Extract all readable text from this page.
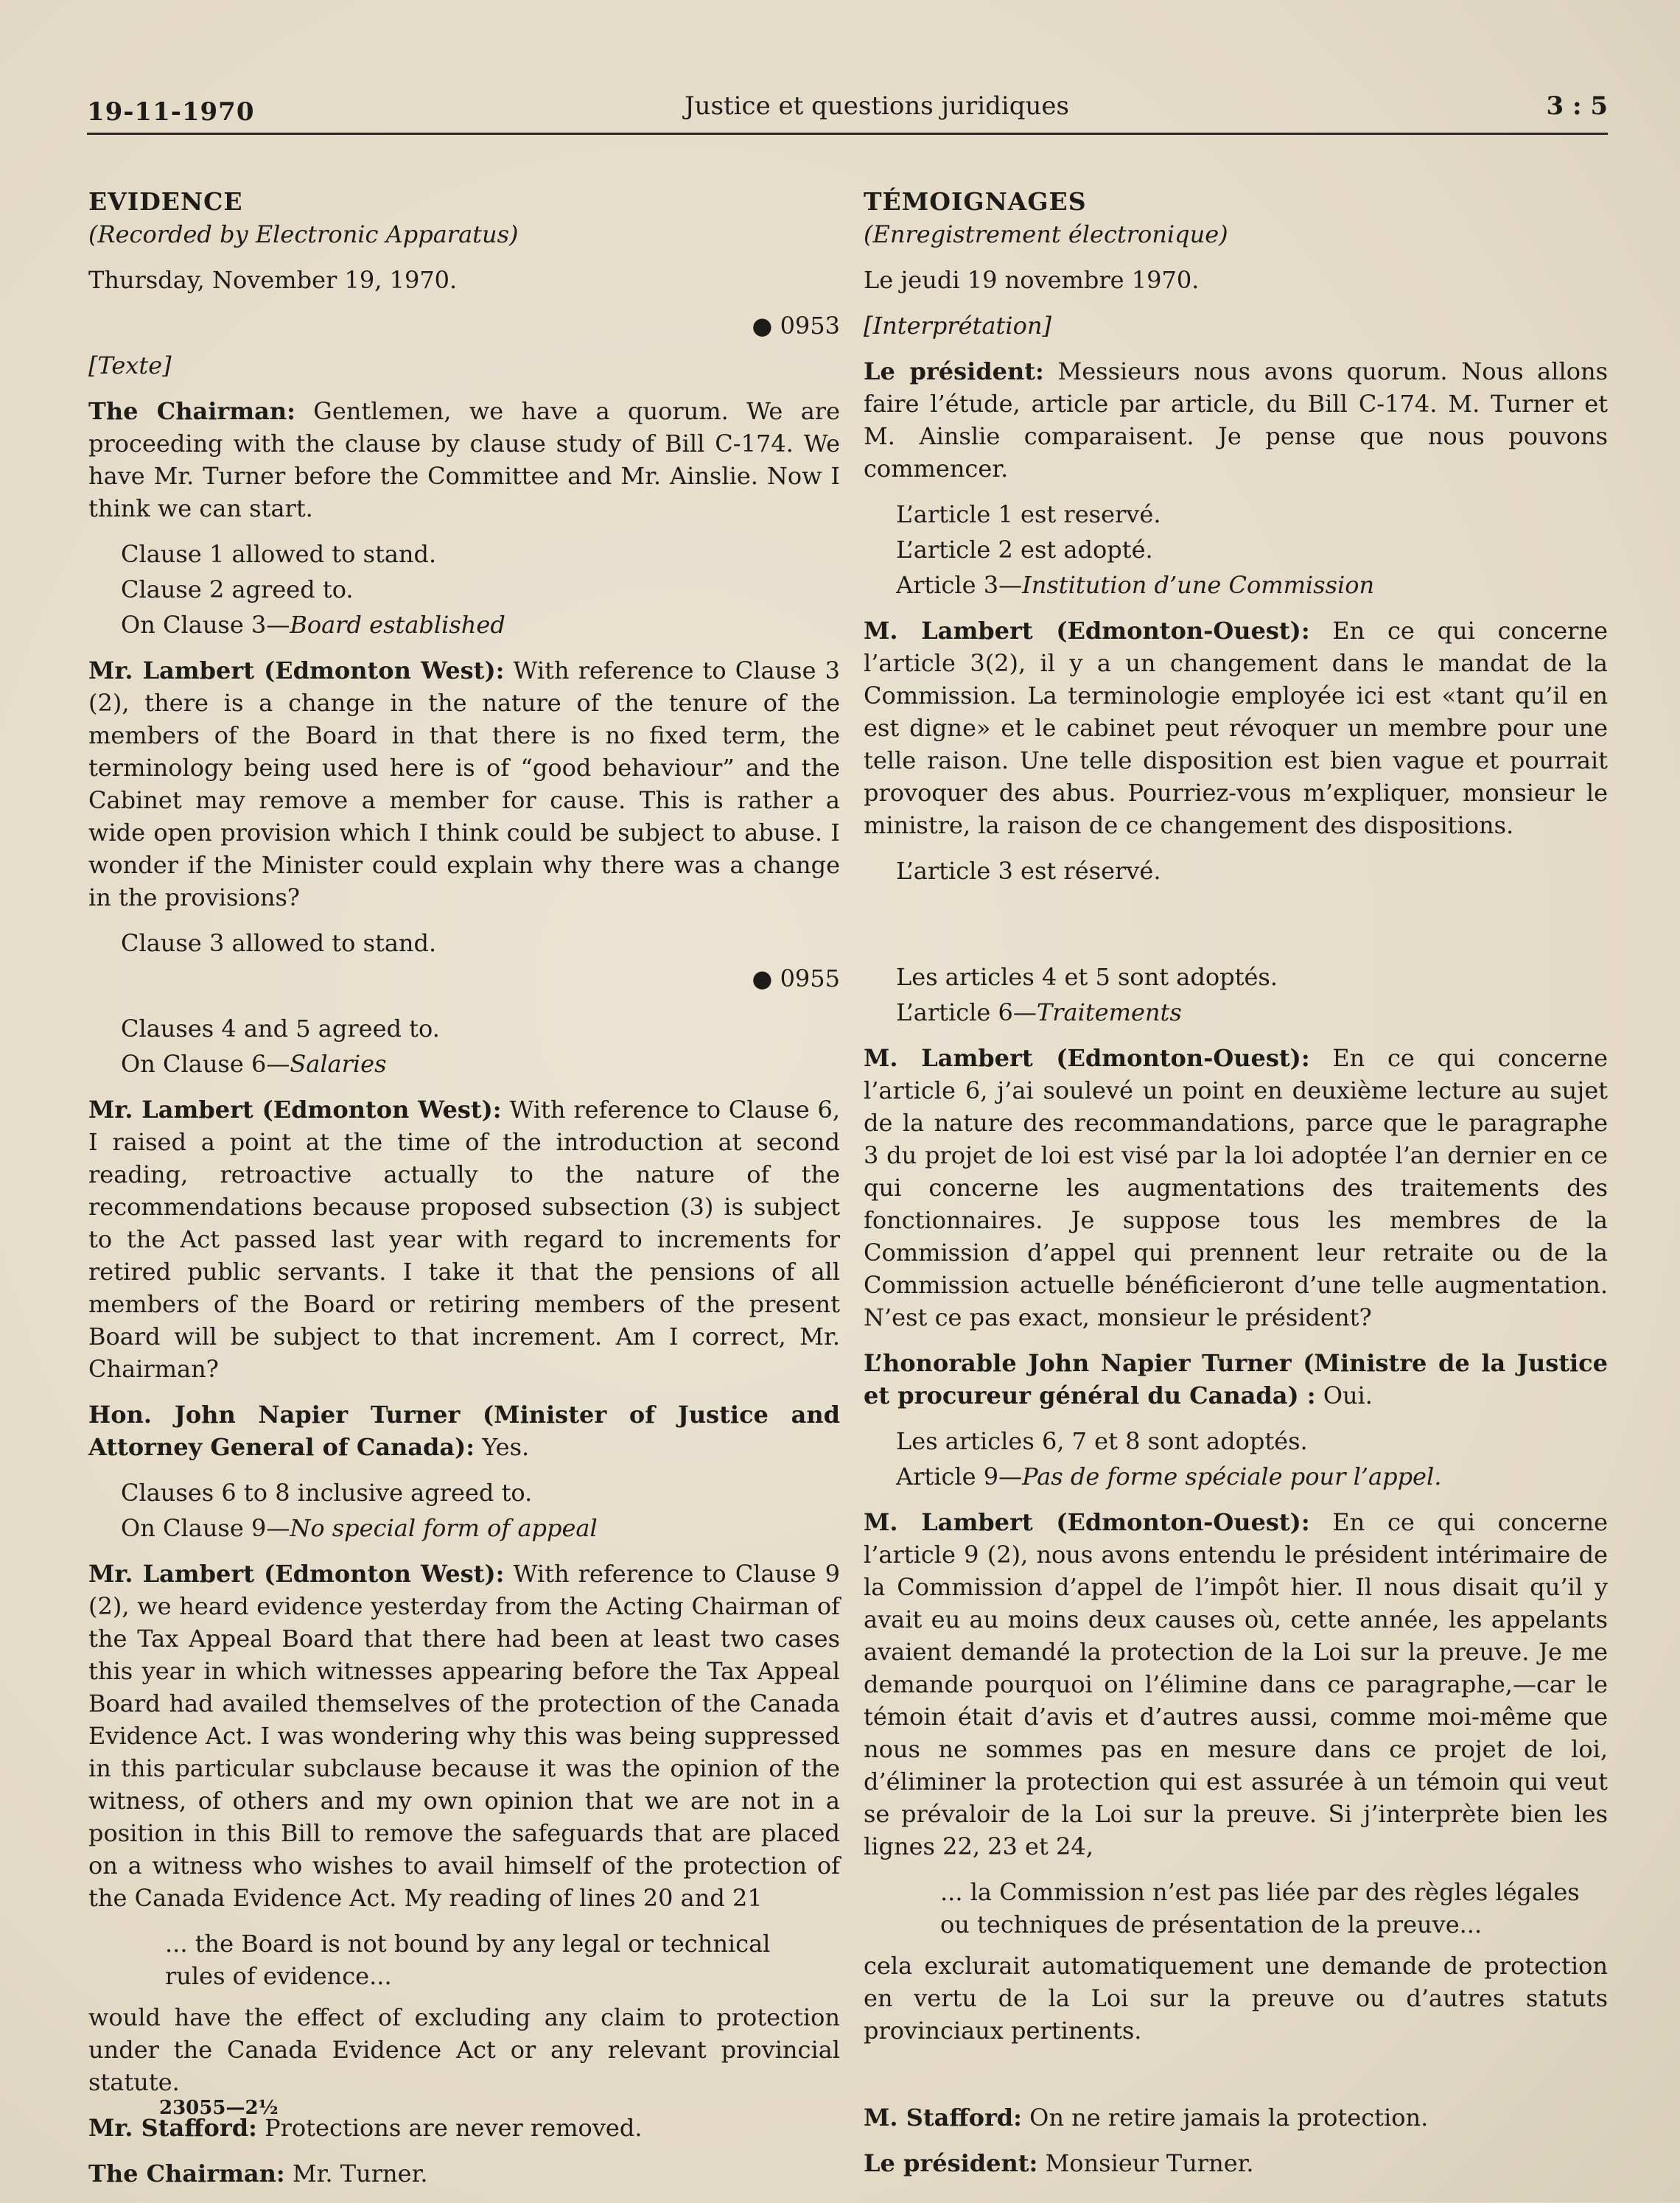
19-11-1970	Justice et questions juridiques	3 : 5

EVIDENCE

(Recorded by Electronic Apparatus)

Thursday, November 19, 1970.

● 0953

[Texte]

The Chairman: Gentlemen, we have a quorum. We are proceeding with the clause by clause study of Bill C-174. We have Mr. Turner before the Committee and Mr. Ainslie. Now I think we can start.

Clause 1 allowed to stand.

Clause 2 agreed to.

On Clause 3—Board established

Mr. Lambert (Edmonton West): With reference to Clause 3 (2), there is a change in the nature of the tenure of the members of the Board in that there is no fixed term, the terminology being used here is of “good behaviour” and the Cabinet may remove a member for cause. This is rather a wide open provision which I think could be subject to abuse. I wonder if the Minister could explain why there was a change in the provisions?

Clause 3 allowed to stand.

● 0955

Clauses 4 and 5 agreed to.

On Clause 6—Salaries

Mr. Lambert (Edmonton West): With reference to Clause 6, I raised a point at the time of the introduction at second reading, retroactive actually to the nature of the recommendations because proposed subsection (3) is subject to the Act passed last year with regard to increments for retired public servants. I take it that the pensions of all members of the Board or retiring members of the present Board will be subject to that increment. Am I correct, Mr. Chairman?

Hon. John Napier Turner (Minister of Justice and Attorney General of Canada): Yes.

Clauses 6 to 8 inclusive agreed to.

On Clause 9—No special form of appeal

Mr. Lambert (Edmonton West): With reference to Clause 9 (2), we heard evidence yesterday from the Acting Chairman of the Tax Appeal Board that there had been at least two cases this year in which witnesses appearing before the Tax Appeal Board had availed themselves of the protection of the Canada Evidence Act. I was wondering why this was being suppressed in this particular subclause because it was the opinion of the witness, of others and my own opinion that we are not in a position in this Bill to remove the safeguards that are placed on a witness who wishes to avail himself of the protection of the Canada Evidence Act. My reading of lines 20 and 21

... the Board is not bound by any legal or technical rules of evidence...

would have the effect of excluding any claim to protection under the Canada Evidence Act or any relevant provincial statute.

Mr. Stafford: Protections are never removed.

The Chairman: Mr. Turner.

TÉMOIGNAGES

(Enregistrement électronique)

Le jeudi 19 novembre 1970.

[Interprétation]

Le président: Messieurs nous avons quorum. Nous allons faire l’étude, article par article, du Bill C-174. M. Turner et M. Ainslie comparaisent. Je pense que nous pouvons commencer.

L’article 1 est reservé.

L’article 2 est adopté.

Article 3—Institution d’une Commission

M. Lambert (Edmonton-Ouest): En ce qui concerne l’article 3(2), il y a un changement dans le mandat de la Commission. La terminologie employée ici est «tant qu’il en est digne» et le cabinet peut révoquer un membre pour une telle raison. Une telle disposition est bien vague et pourrait provoquer des abus. Pourriez-vous m’expliquer, monsieur le ministre, la raison de ce changement des dispositions.

L’article 3 est réservé.

Les articles 4 et 5 sont adoptés.

L’article 6—Traitements

M. Lambert (Edmonton-Ouest): En ce qui concerne l’article 6, j’ai soulevé un point en deuxième lecture au sujet de la nature des recommandations, parce que le paragraphe 3 du projet de loi est visé par la loi adoptée l’an dernier en ce qui concerne les augmentations des traitements des fonctionnaires. Je suppose tous les membres de la Commission d’appel qui prennent leur retraite ou de la Commission actuelle bénéficieront d’une telle augmentation. N’est ce pas exact, monsieur le président?

L’honorable John Napier Turner (Ministre de la Justice et procureur général du Canada) : Oui.

Les articles 6, 7 et 8 sont adoptés.

Article 9—Pas de forme spéciale pour l’appel.

M. Lambert (Edmonton-Ouest): En ce qui concerne l’article 9 (2), nous avons entendu le président intérimaire de la Commission d’appel de l’impôt hier. Il nous disait qu’il y avait eu au moins deux causes où, cette année, les appelants avaient demandé la protection de la Loi sur la preuve. Je me demande pourquoi on l’élimine dans ce paragraphe,—car le témoin était d’avis et d’autres aussi, comme moi-même que nous ne sommes pas en mesure dans ce projet de loi, d’éliminer la protection qui est assurée à un témoin qui veut se prévaloir de la Loi sur la preuve. Si j’interprète bien les lignes 22, 23 et 24,

... la Commission n’est pas liée par des règles légales ou techniques de présentation de la preuve...

cela exclurait automatiquement une demande de protection en vertu de la Loi sur la preuve ou d’autres statuts provinciaux pertinents.

M. Stafford: On ne retire jamais la protection.

Le président: Monsieur Turner.

23055—2½
